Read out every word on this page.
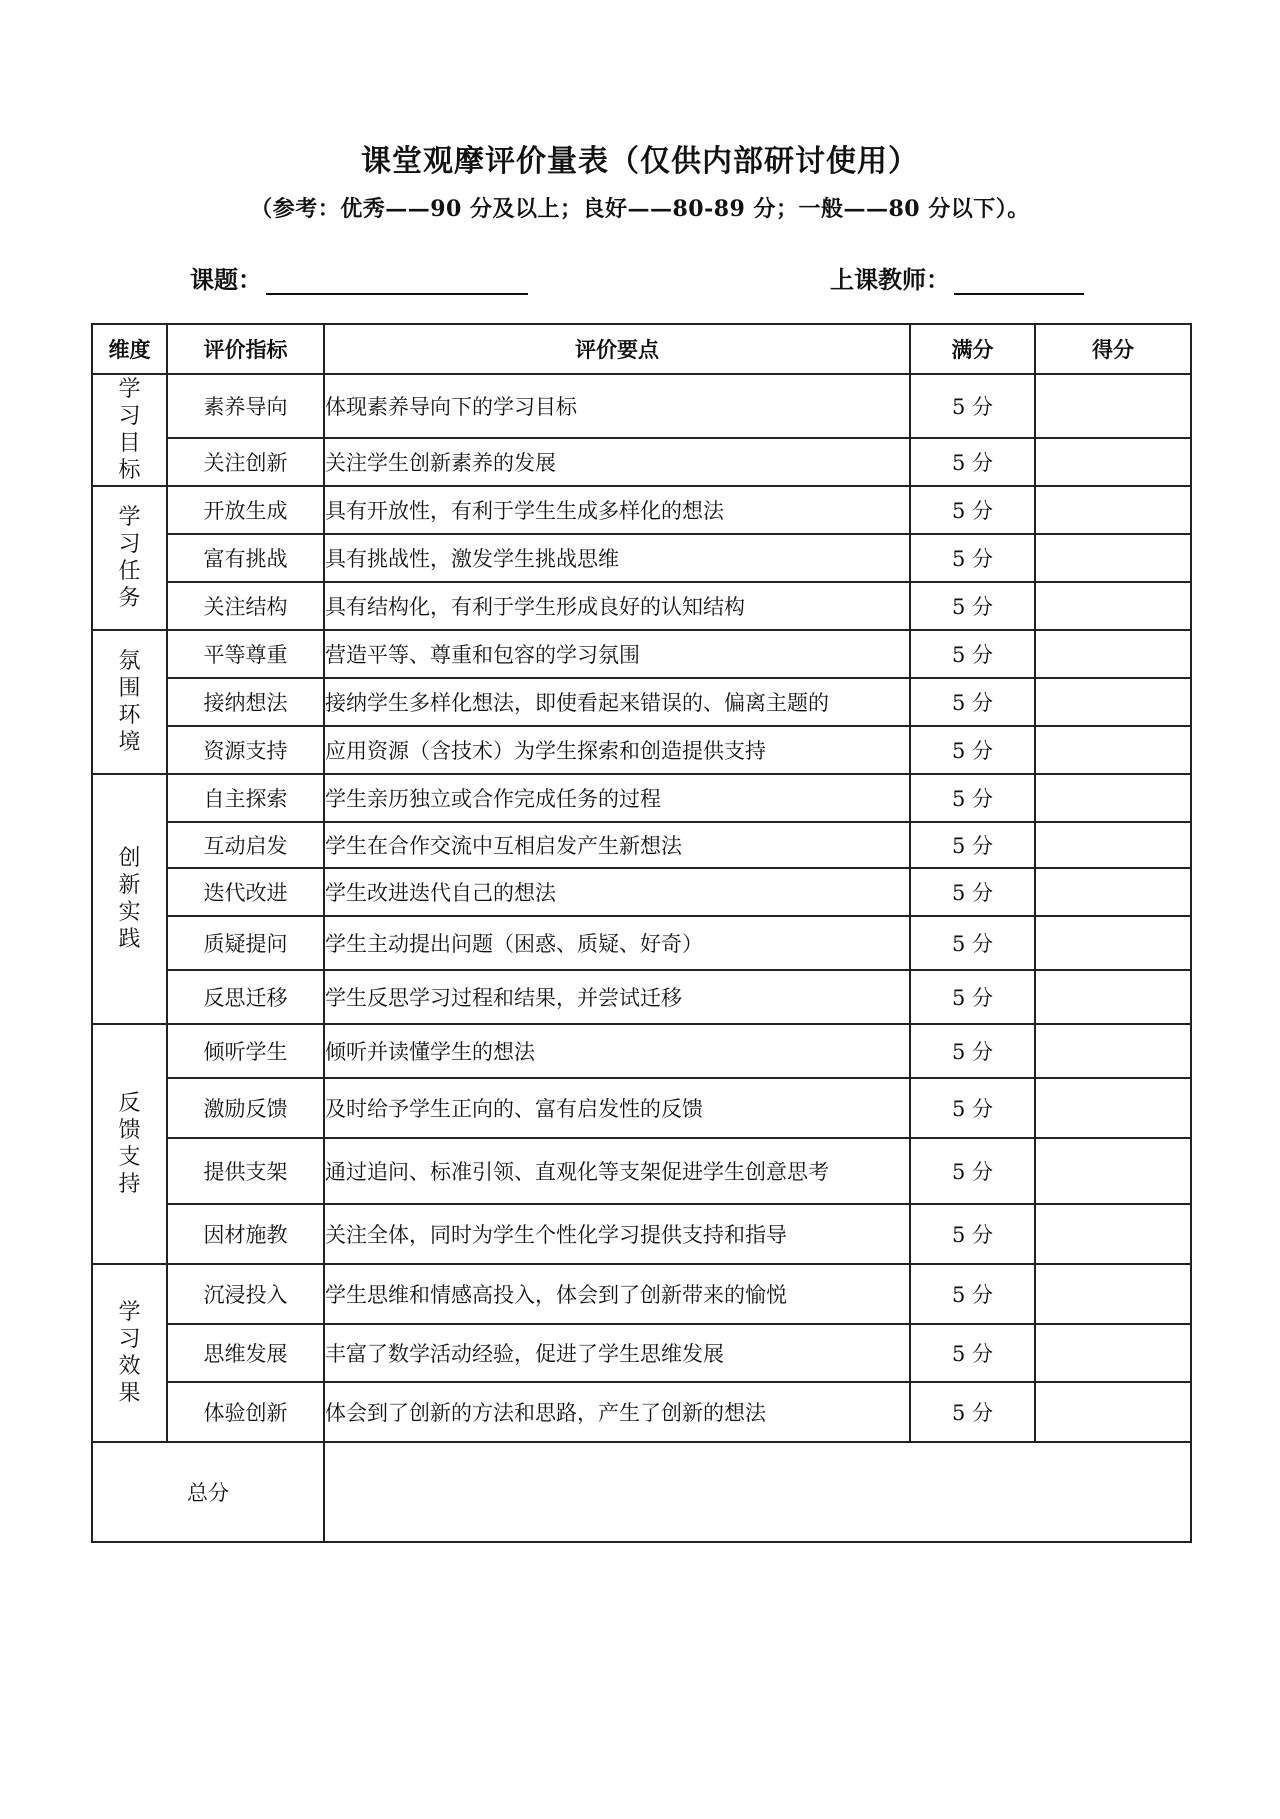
课堂观摩评价量表（仅供内部研讨使用）
（参考：优秀——90 分及以上；良好——80-89 分；一般——80 分以下）。
课题：	上课教师：
维度	评价指标	评价要点	满分	得分
学习目标	素养导向	体现素养导向下的学习目标	5 分	
	关注创新	关注学生创新素养的发展	5 分	
学习任务	开放生成	具有开放性，有利于学生生成多样化的想法	5 分	
	富有挑战	具有挑战性，激发学生挑战思维	5 分	
	关注结构	具有结构化，有利于学生形成良好的认知结构	5 分	
氛围环境	平等尊重	营造平等、尊重和包容的学习氛围	5 分	
	接纳想法	接纳学生多样化想法，即使看起来错误的、偏离主题的	5 分	
	资源支持	应用资源（含技术）为学生探索和创造提供支持	5 分	
创新实践	自主探索	学生亲历独立或合作完成任务的过程	5 分	
	互动启发	学生在合作交流中互相启发产生新想法	5 分	
	迭代改进	学生改进迭代自己的想法	5 分	
	质疑提问	学生主动提出问题（困惑、质疑、好奇）	5 分	
	反思迁移	学生反思学习过程和结果，并尝试迁移	5 分	
反馈支持	倾听学生	倾听并读懂学生的想法	5 分	
	激励反馈	及时给予学生正向的、富有启发性的反馈	5 分	
	提供支架	通过追问、标准引领、直观化等支架促进学生创意思考	5 分	
	因材施教	关注全体，同时为学生个性化学习提供支持和指导	5 分	
学习效果	沉浸投入	学生思维和情感高投入，体会到了创新带来的愉悦	5 分	
	思维发展	丰富了数学活动经验，促进了学生思维发展	5 分	
	体验创新	体会到了创新的方法和思路，产生了创新的想法	5 分	
总分				
